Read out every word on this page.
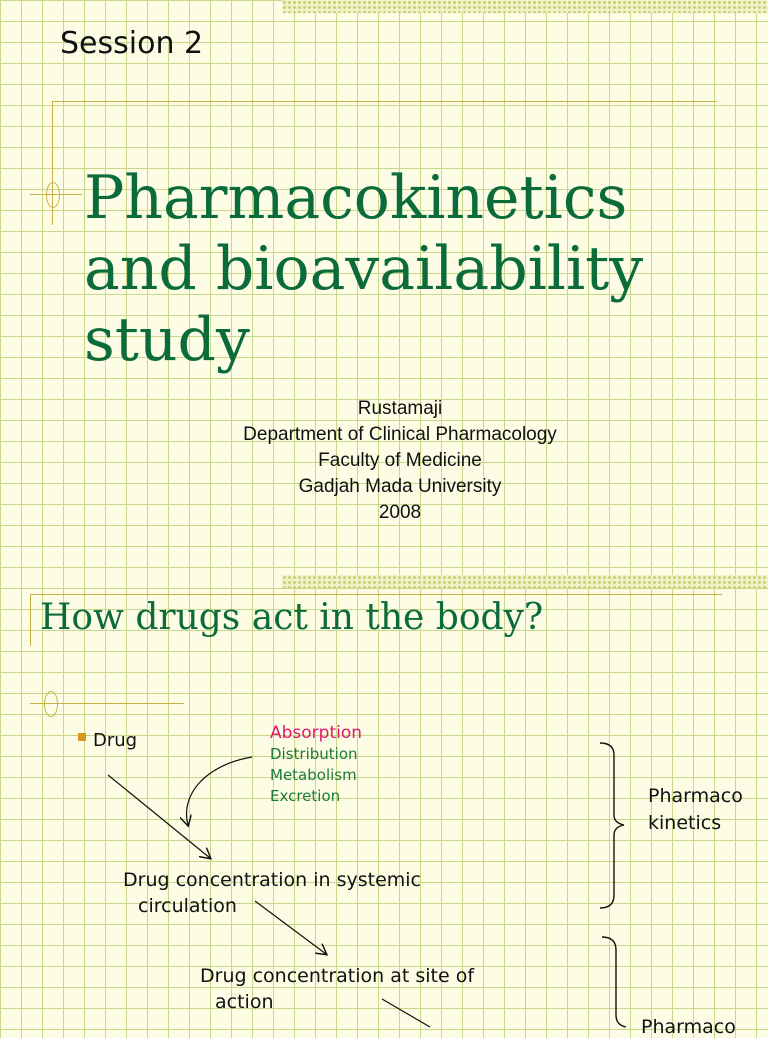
Session 2
Pharmacokinetics
and bioavailability
study
Rustamaji
Department of Clinical Pharmacology
Faculty of Medicine
Gadjah Mada University
2008
How drugs act in the body?
Drug	Absorption
Distribution
Metabolism
Excretion
Drug concentration in systemic
circulation
Drug concentration at site of
action
Pharmaco
kinetics
Pharmaco
